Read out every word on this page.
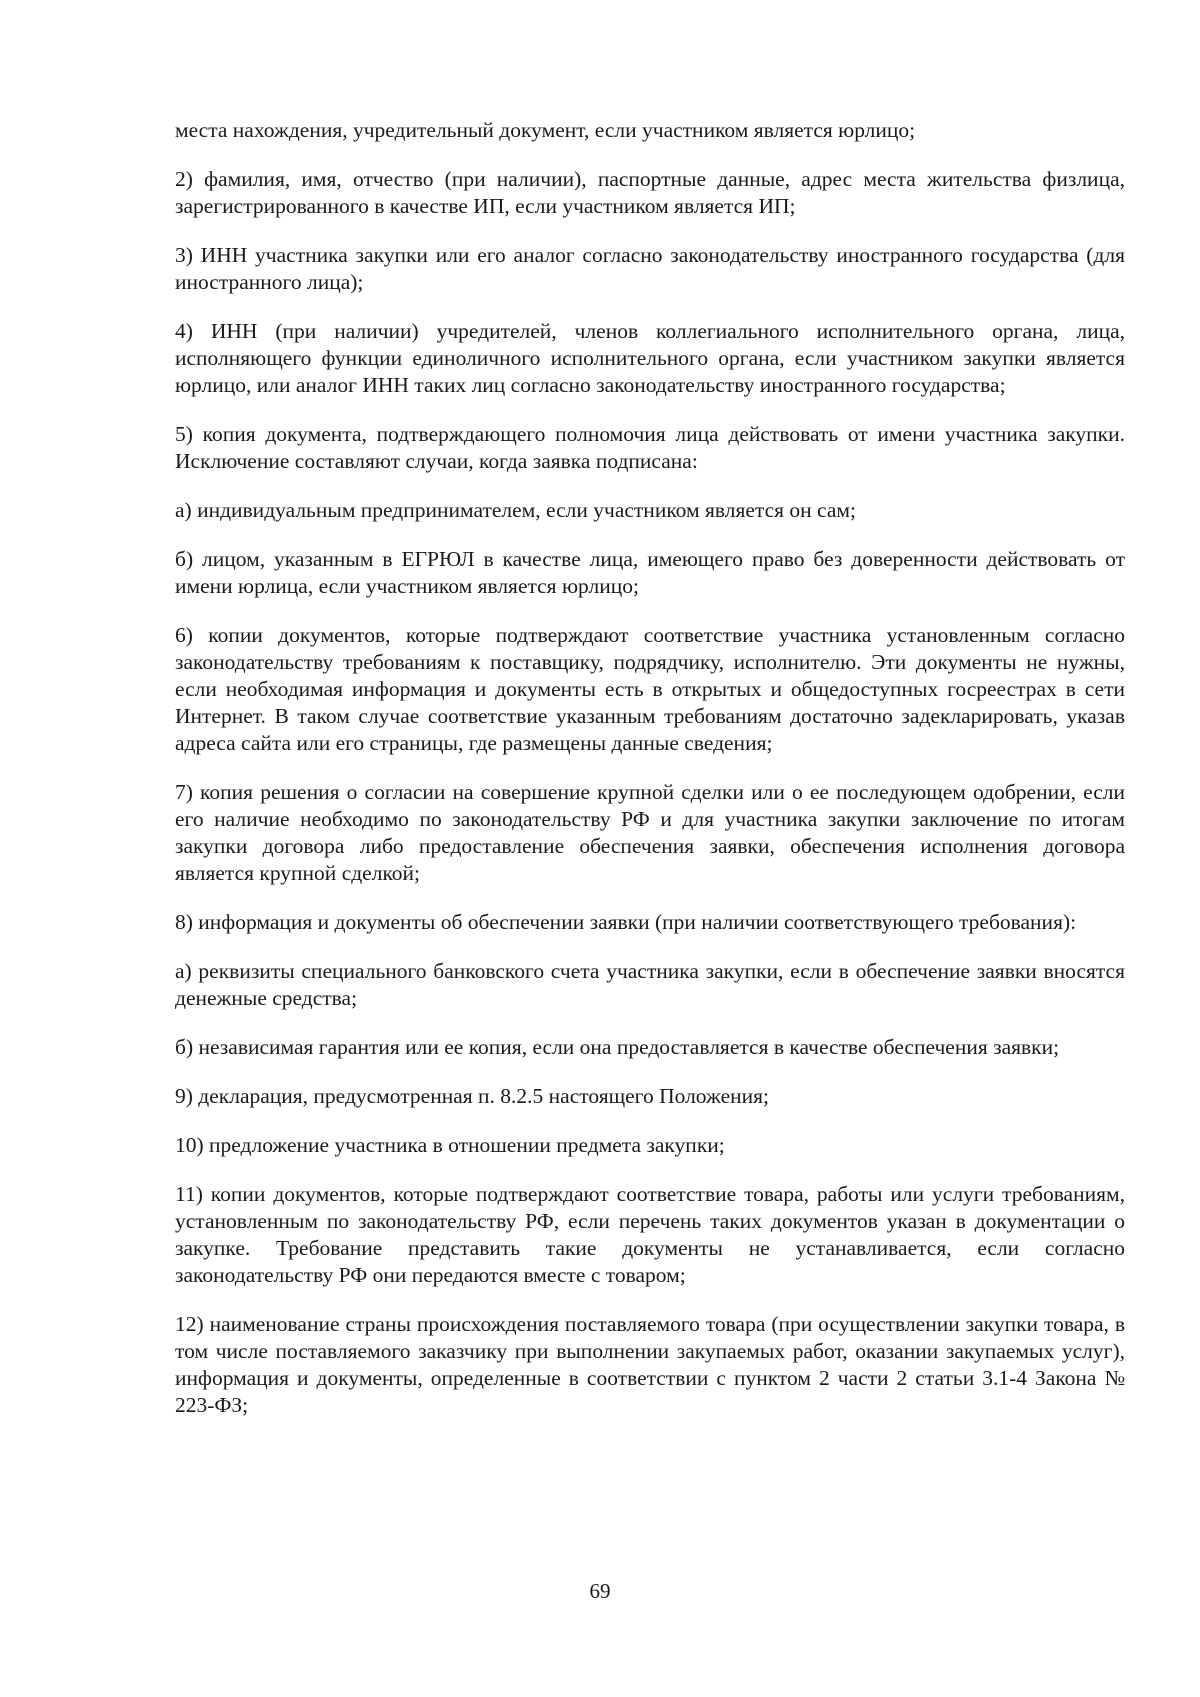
места нахождения, учредительный документ, если участником является юрлицо;

2) фамилия, имя, отчество (при наличии), паспортные данные, адрес места жительства физлица, зарегистрированного в качестве ИП, если участником является ИП;

3) ИНН участника закупки или его аналог согласно законодательству иностранного государства (для иностранного лица);

4) ИНН (при наличии) учредителей, членов коллегиального исполнительного органа, лица, исполняющего функции единоличного исполнительного органа, если участником закупки является юрлицо, или аналог ИНН таких лиц согласно законодательству иностранного государства;

5) копия документа, подтверждающего полномочия лица действовать от имени участника закупки. Исключение составляют случаи, когда заявка подписана:

а) индивидуальным предпринимателем, если участником является он сам;

б) лицом, указанным в ЕГРЮЛ в качестве лица, имеющего право без доверенности действовать от имени юрлица, если участником является юрлицо;

6) копии документов, которые подтверждают соответствие участника установленным согласно законодательству требованиям к поставщику, подрядчику, исполнителю. Эти документы не нужны, если необходимая информация и документы есть в открытых и общедоступных госреестрах в сети Интернет. В таком случае соответствие указанным требованиям достаточно задекларировать, указав адреса сайта или его страницы, где размещены данные сведения;

7) копия решения о согласии на совершение крупной сделки или о ее последующем одобрении, если его наличие необходимо по законодательству РФ и для участника закупки заключение по итогам закупки договора либо предоставление обеспечения заявки, обеспечения исполнения договора является крупной сделкой;

8) информация и документы об обеспечении заявки (при наличии соответствующего требования):

а) реквизиты специального банковского счета участника закупки, если в обеспечение заявки вносятся денежные средства;

б) независимая гарантия или ее копия, если она предоставляется в качестве обеспечения заявки;

9) декларация, предусмотренная п. 8.2.5 настоящего Положения;

10) предложение участника в отношении предмета закупки;

11) копии документов, которые подтверждают соответствие товара, работы или услуги требованиям, установленным по законодательству РФ, если перечень таких документов указан в документации о закупке. Требование представить такие документы не устанавливается, если согласно законодательству РФ они передаются вместе с товаром;

12) наименование страны происхождения поставляемого товара (при осуществлении закупки товара, в том числе поставляемого заказчику при выполнении закупаемых работ, оказании закупаемых услуг), информация и документы, определенные в соответствии с пунктом 2 части 2 статьи 3.1-4 Закона № 223-ФЗ;

69
